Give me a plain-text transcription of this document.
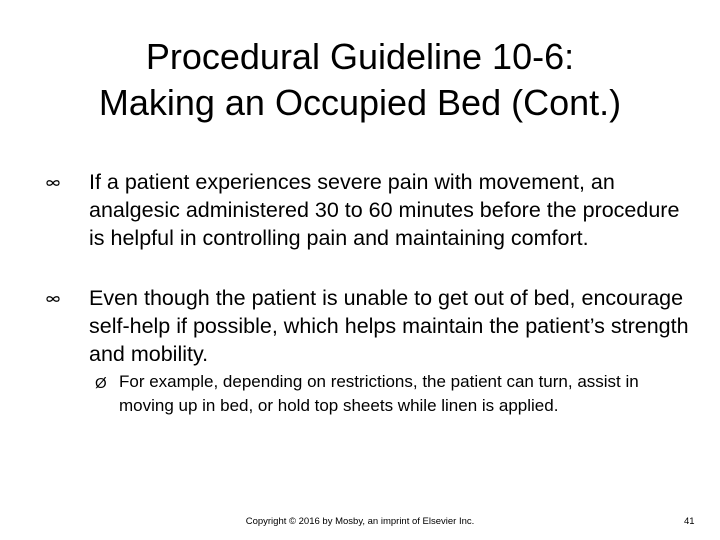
Procedural Guideline 10-6:
Making an Occupied Bed (Cont.)
If a patient experiences severe pain with movement, an analgesic administered 30 to 60 minutes before the procedure is helpful in controlling pain and maintaining comfort.
Even though the patient is unable to get out of bed, encourage self-help if possible, which helps maintain the patient’s strength and mobility.
Ø For example, depending on restrictions, the patient can turn, assist in moving up in bed, or hold top sheets while linen is applied.
Copyright © 2016 by Mosby, an imprint of Elsevier Inc.	41
